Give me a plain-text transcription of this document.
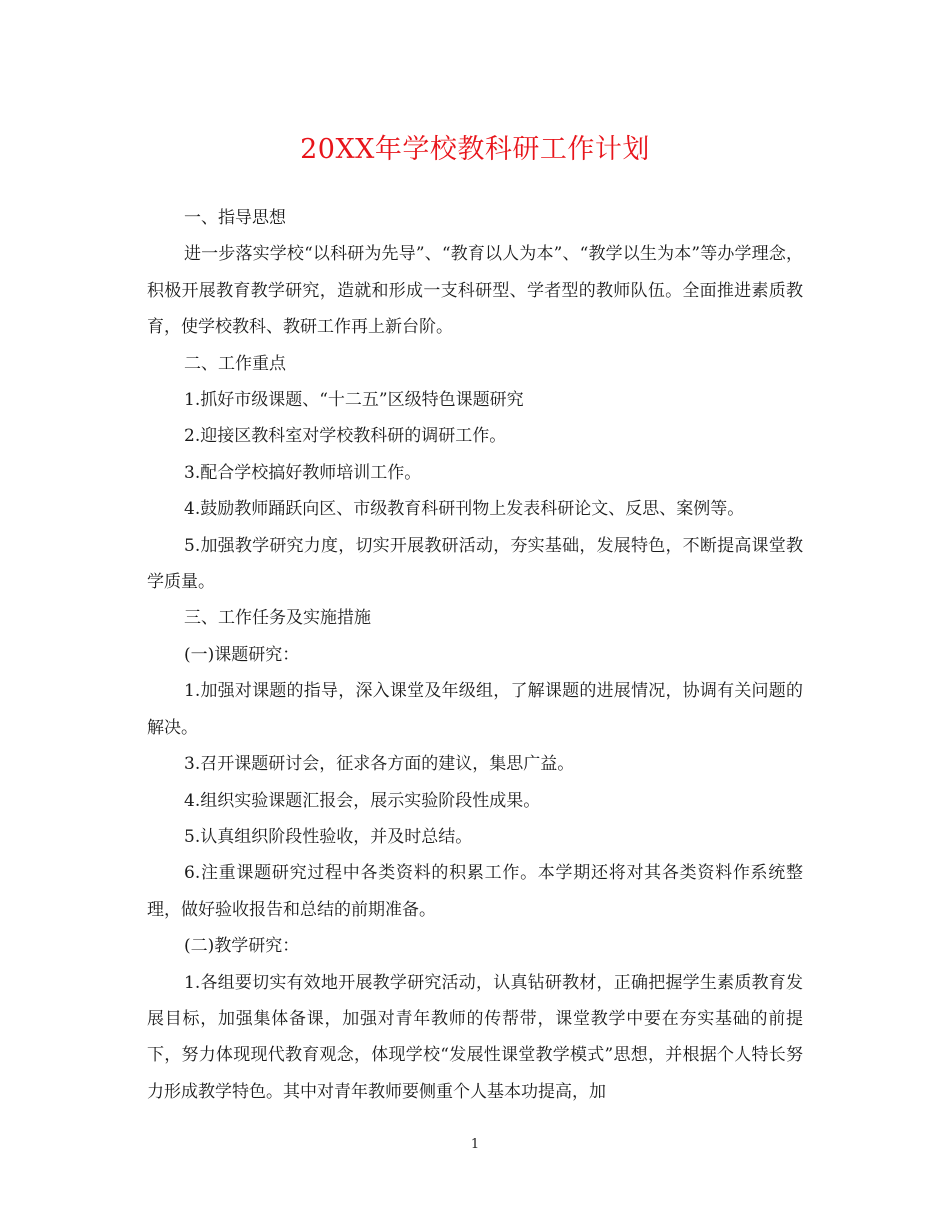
20XX年学校教科研工作计划

一、指导思想

进一步落实学校“以科研为先导”、“教育以人为本”、“教学以生为本”等办学理念，积极开展教育教学研究，造就和形成一支科研型、学者型的教师队伍。全面推进素质教育，使学校教科、教研工作再上新台阶。

二、工作重点

1.抓好市级课题、“十二五”区级特色课题研究

2.迎接区教科室对学校教科研的调研工作。

3.配合学校搞好教师培训工作。

4.鼓励教师踊跃向区、市级教育科研刊物上发表科研论文、反思、案例等。

5.加强教学研究力度，切实开展教研活动，夯实基础，发展特色，不断提高课堂教学质量。

三、工作任务及实施措施

(一)课题研究：

1.加强对课题的指导，深入课堂及年级组，了解课题的进展情况，协调有关问题的解决。

3.召开课题研讨会，征求各方面的建议，集思广益。

4.组织实验课题汇报会，展示实验阶段性成果。

5.认真组织阶段性验收，并及时总结。

6.注重课题研究过程中各类资料的积累工作。本学期还将对其各类资料作系统整理，做好验收报告和总结的前期准备。

(二)教学研究：

1.各组要切实有效地开展教学研究活动，认真钻研教材，正确把握学生素质教育发展目标，加强集体备课，加强对青年教师的传帮带，课堂教学中要在夯实基础的前提下，努力体现现代教育观念，体现学校“发展性课堂教学模式”思想，并根据个人特长努力形成教学特色。其中对青年教师要侧重个人基本功提高，加

1
